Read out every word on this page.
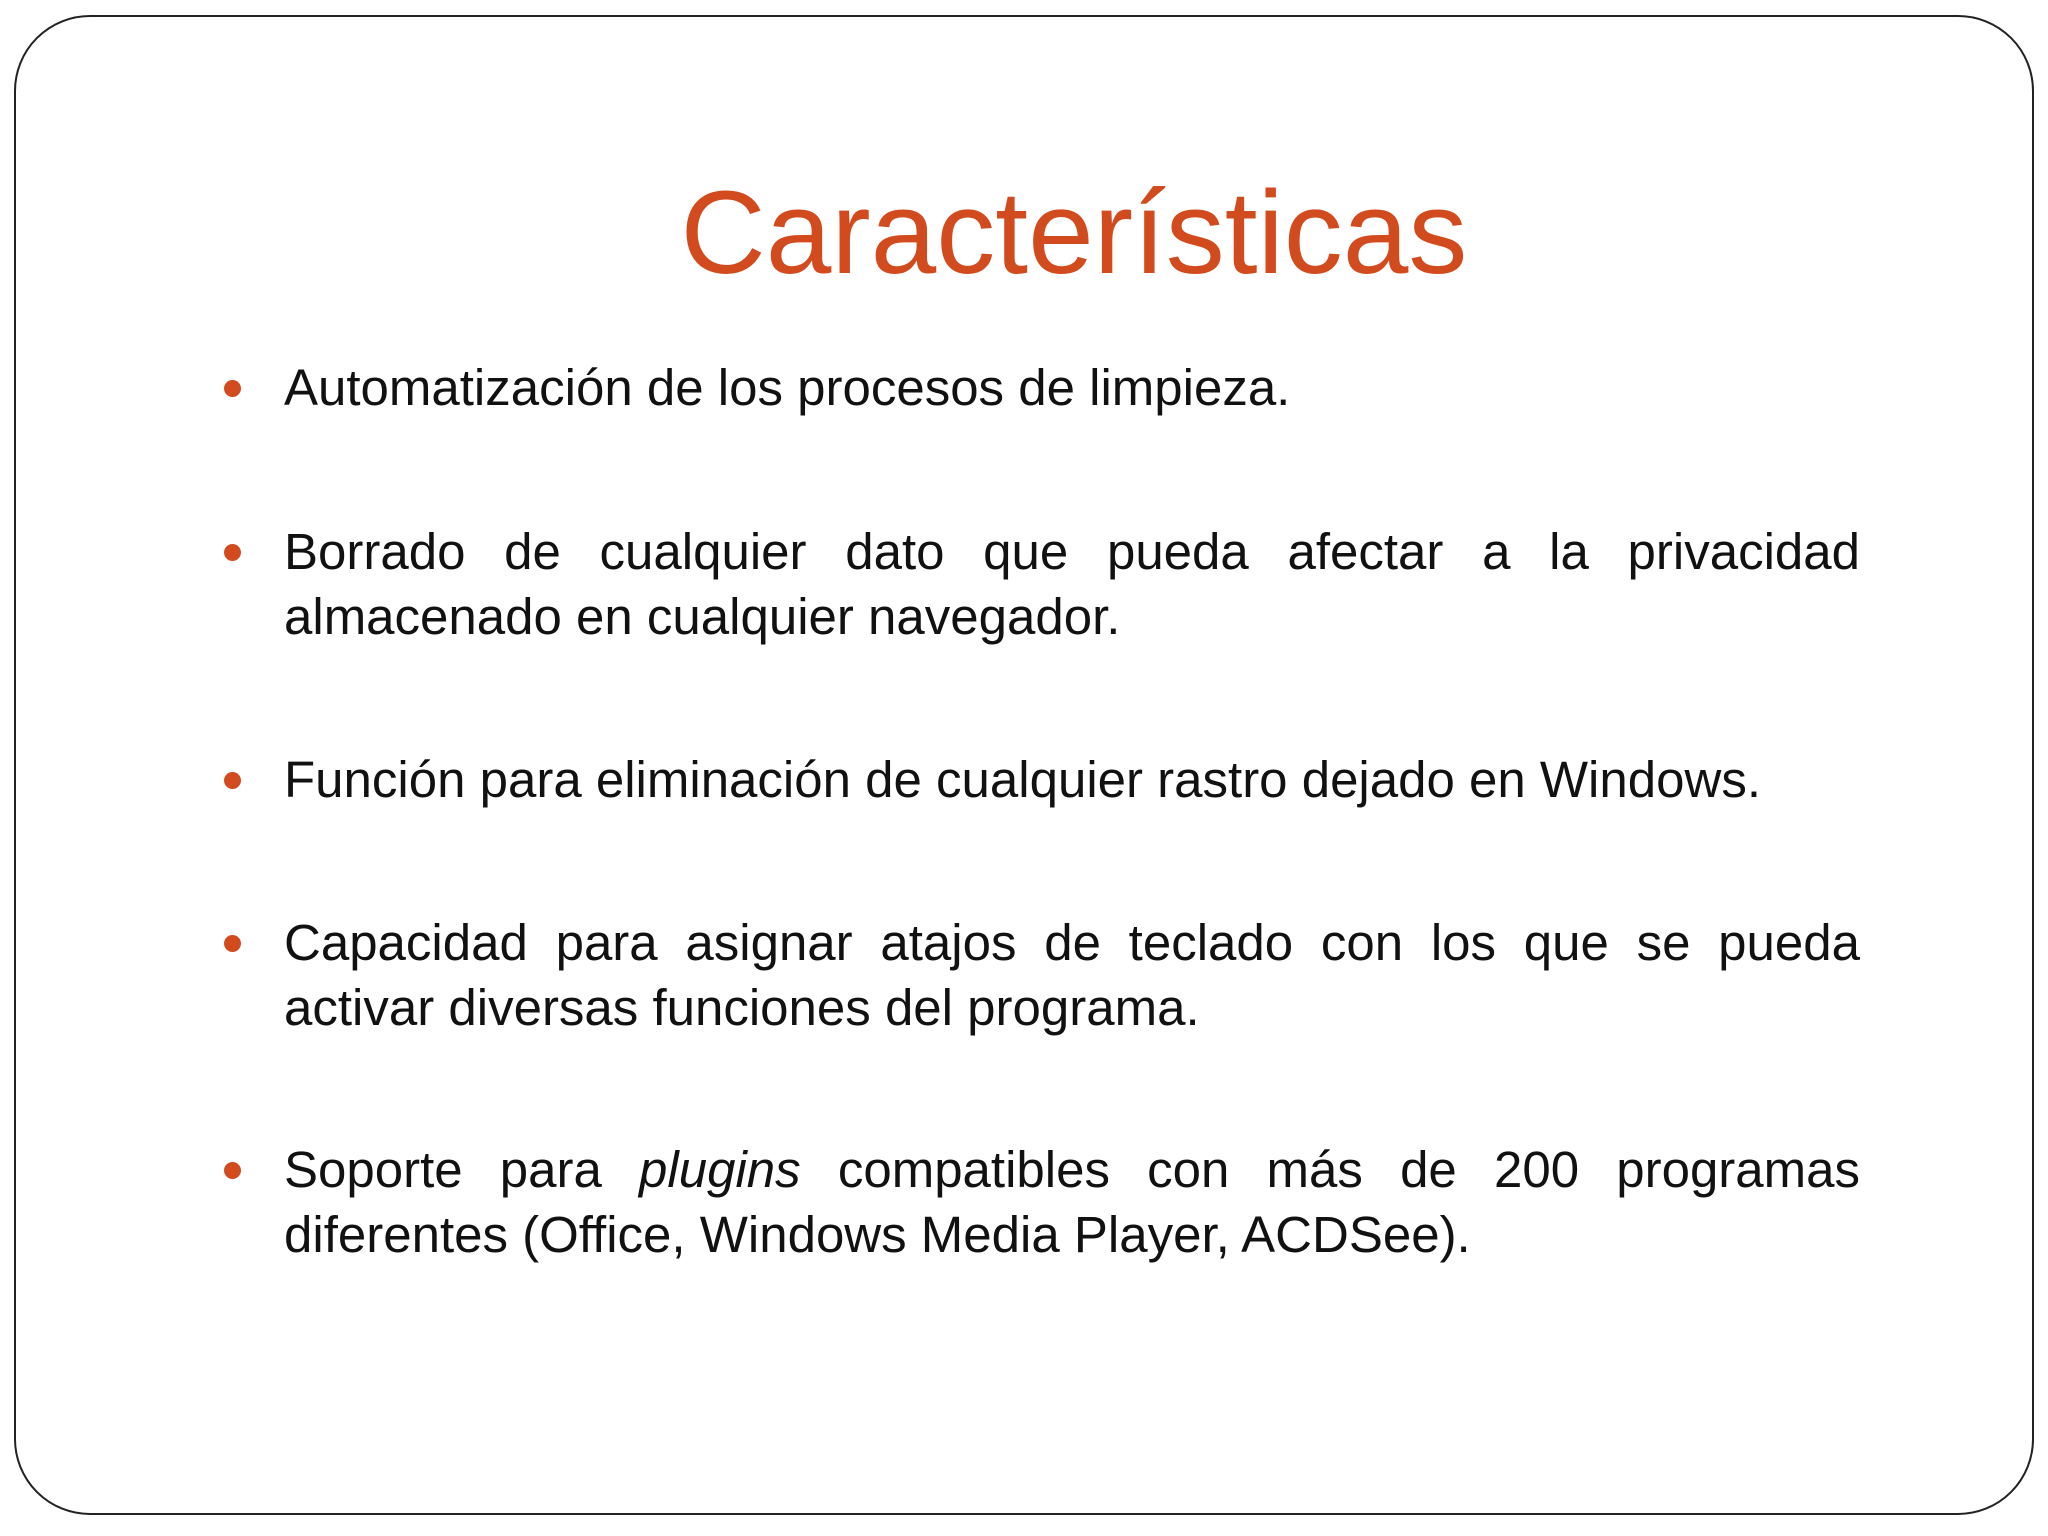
Características
Automatización de los procesos de limpieza.
Borrado de cualquier dato que pueda afectar a la privacidad almacenado en cualquier navegador.
Función para eliminación de cualquier rastro dejado en Windows.
Capacidad para asignar atajos de teclado con los que se pueda activar diversas funciones del programa.
Soporte para plugins compatibles con más de 200 programas diferentes (Office, Windows Media Player, ACDSee).
